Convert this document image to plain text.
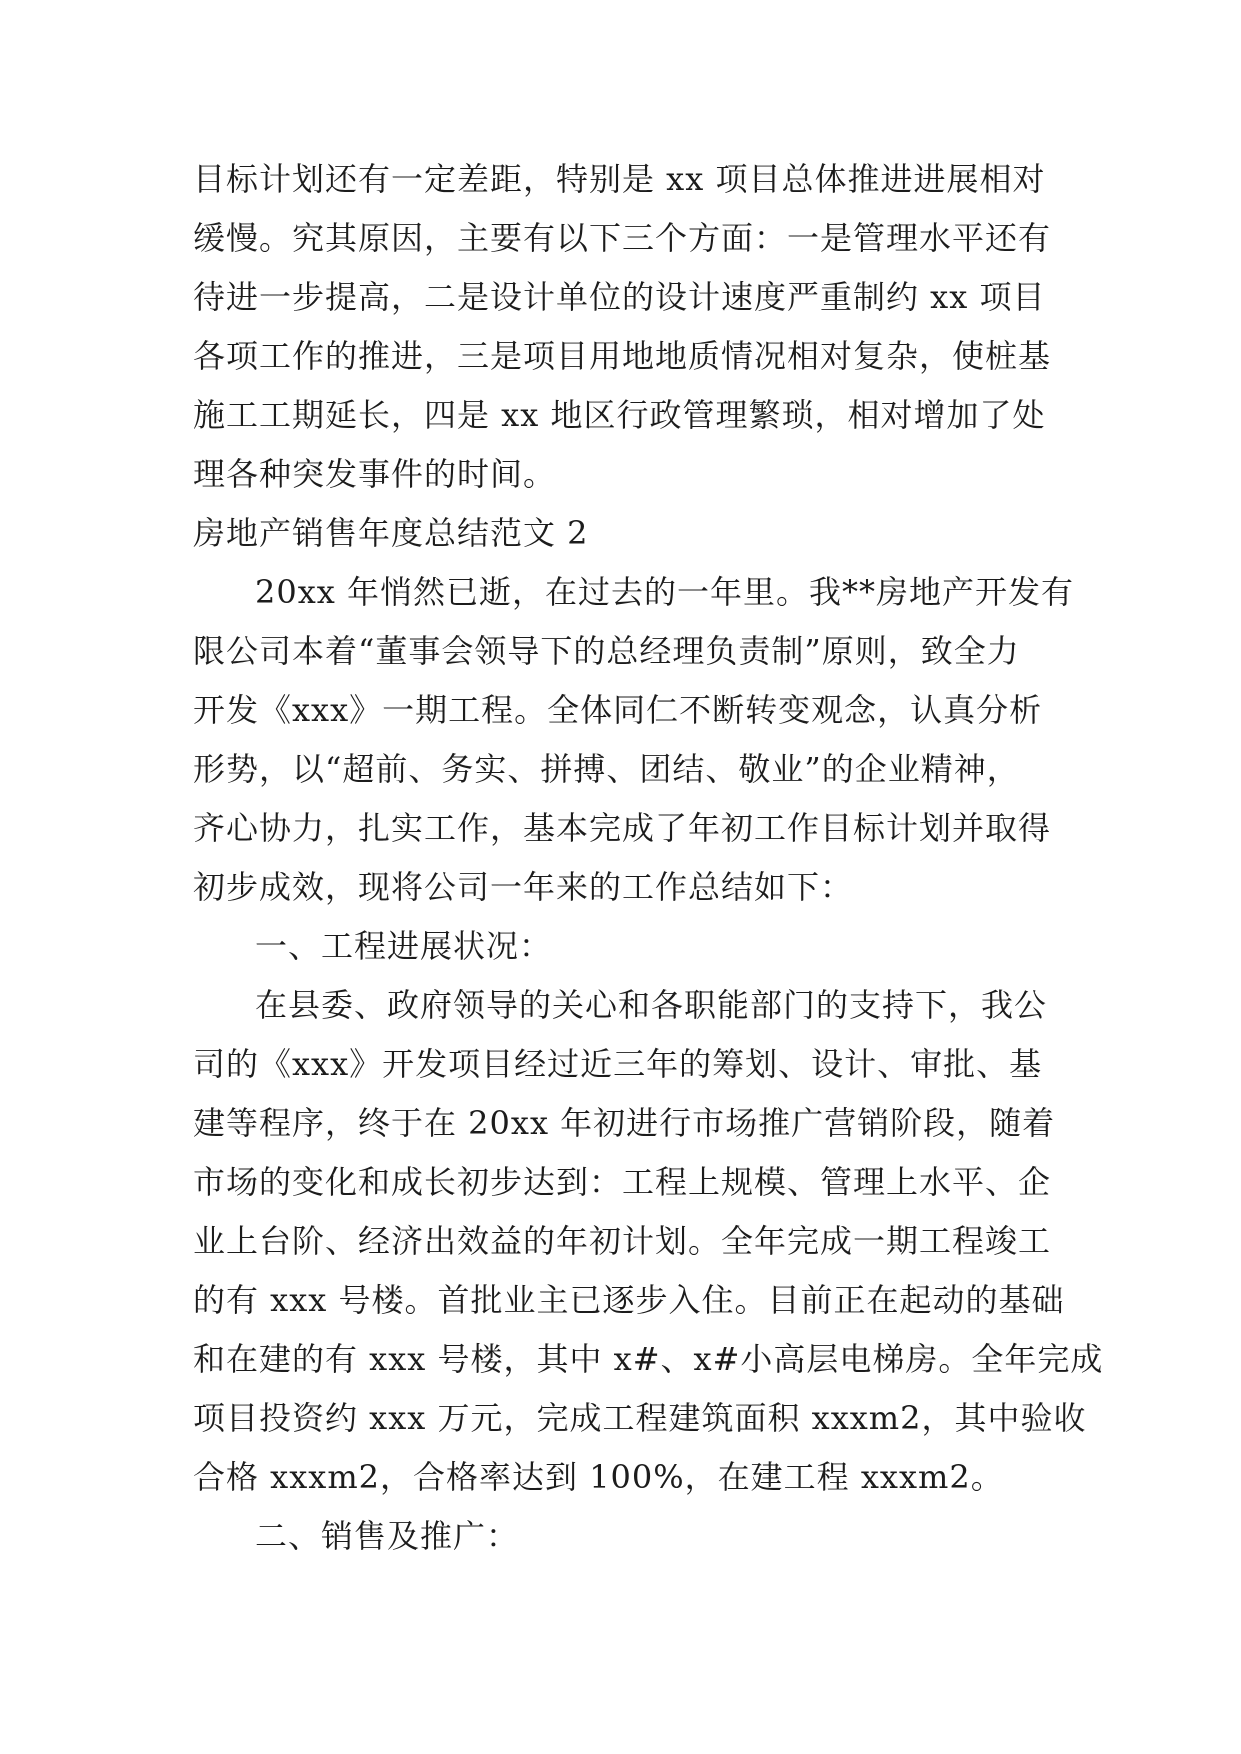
目标计划还有一定差距，特别是 xx 项目总体推进进展相对
缓慢。究其原因，主要有以下三个方面：一是管理水平还有
待进一步提高，二是设计单位的设计速度严重制约 xx 项目
各项工作的推进，三是项目用地地质情况相对复杂，使桩基
施工工期延长，四是 xx 地区行政管理繁琐，相对增加了处
理各种突发事件的时间。
房地产销售年度总结范文 2
20xx 年悄然已逝，在过去的一年里。我**房地产开发有
限公司本着“董事会领导下的总经理负责制”原则，致全力
开发《xxx》一期工程。全体同仁不断转变观念，认真分析
形势，以“超前、务实、拼搏、团结、敬业”的企业精神，
齐心协力，扎实工作，基本完成了年初工作目标计划并取得
初步成效，现将公司一年来的工作总结如下：
一、工程进展状况：
在县委、政府领导的关心和各职能部门的支持下，我公
司的《xxx》开发项目经过近三年的筹划、设计、审批、基
建等程序，终于在 20xx 年初进行市场推广营销阶段，随着
市场的变化和成长初步达到：工程上规模、管理上水平、企
业上台阶、经济出效益的年初计划。全年完成一期工程竣工
的有 xxx 号楼。首批业主已逐步入住。目前正在起动的基础
和在建的有 xxx 号楼，其中 x#、x#小高层电梯房。全年完成
项目投资约 xxx 万元，完成工程建筑面积 xxxm2，其中验收
合格 xxxm2，合格率达到 100%，在建工程 xxxm2。
二、销售及推广：
